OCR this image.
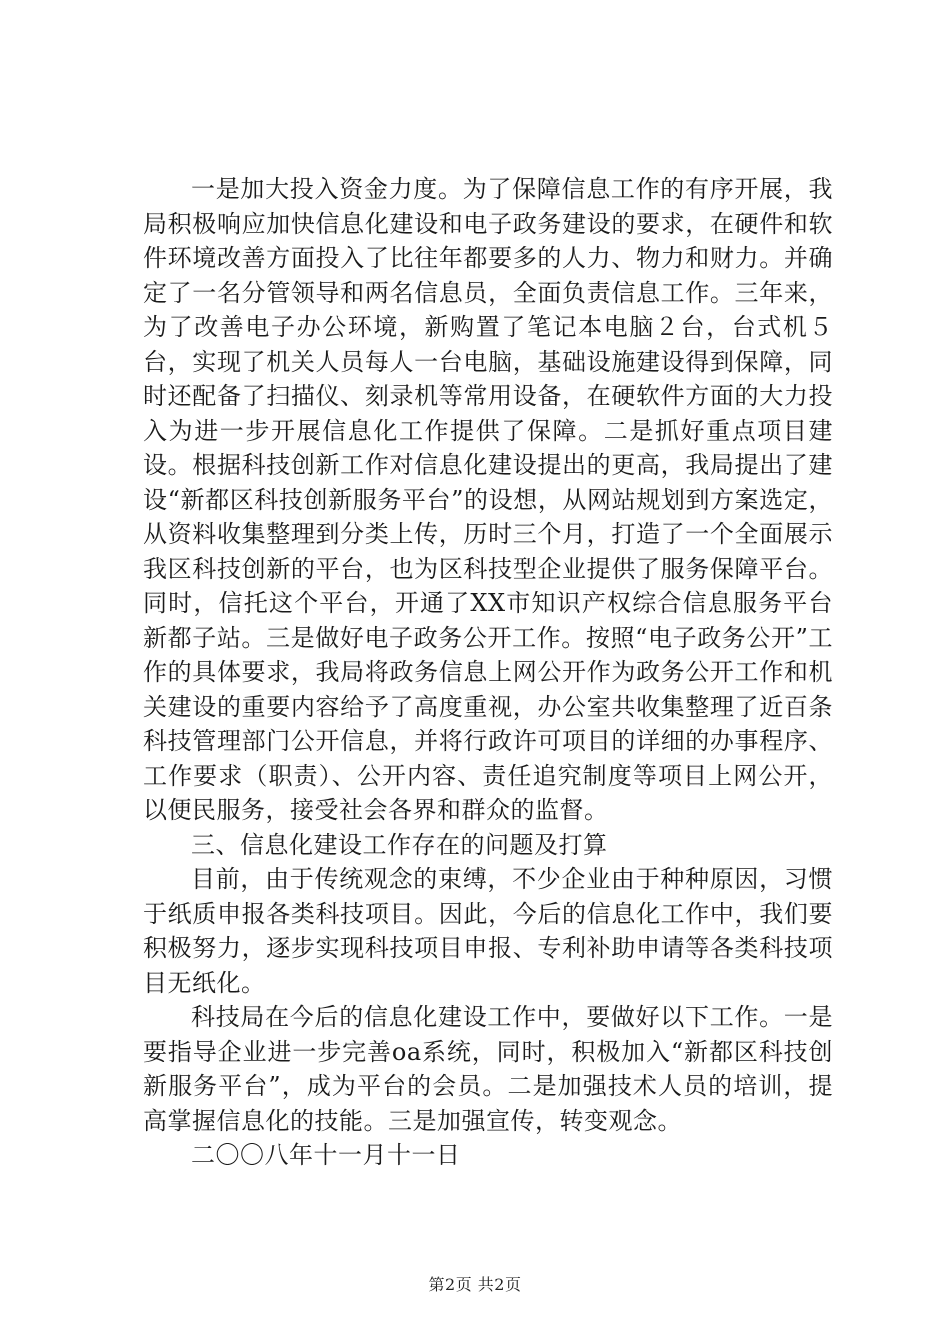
一是加大投入资金力度。为了保障信息工作的有序开展，我局积极响应加快信息化建设和电子政务建设的要求，在硬件和软件环境改善方面投入了比往年都要多的人力、物力和财力。并确定了一名分管领导和两名信息员，全面负责信息工作。三年来，为了改善电子办公环境，新购置了笔记本电脑２台，台式机５台，实现了机关人员每人一台电脑，基础设施建设得到保障，同时还配备了扫描仪、刻录机等常用设备，在硬软件方面的大力投入为进一步开展信息化工作提供了保障。二是抓好重点项目建设。根据科技创新工作对信息化建设提出的更高，我局提出了建设“新都区科技创新服务平台”的设想，从网站规划到方案选定，从资料收集整理到分类上传，历时三个月，打造了一个全面展示我区科技创新的平台，也为区科技型企业提供了服务保障平台。同时，信托这个平台，开通了XX市知识产权综合信息服务平台新都子站。三是做好电子政务公开工作。按照“电子政务公开”工作的具体要求，我局将政务信息上网公开作为政务公开工作和机关建设的重要内容给予了高度重视，办公室共收集整理了近百条科技管理部门公开信息，并将行政许可项目的详细的办事程序、工作要求（职责）、公开内容、责任追究制度等项目上网公开，以便民服务，接受社会各界和群众的监督。

三、信息化建设工作存在的问题及打算

目前，由于传统观念的束缚，不少企业由于种种原因，习惯于纸质申报各类科技项目。因此，今后的信息化工作中，我们要积极努力，逐步实现科技项目申报、专利补助申请等各类科技项目无纸化。

科技局在今后的信息化建设工作中，要做好以下工作。一是要指导企业进一步完善oa系统，同时，积极加入“新都区科技创新服务平台”，成为平台的会员。二是加强技术人员的培训，提高掌握信息化的技能。三是加强宣传，转变观念。

二〇〇八年十一月十一日

第2页 共2页
